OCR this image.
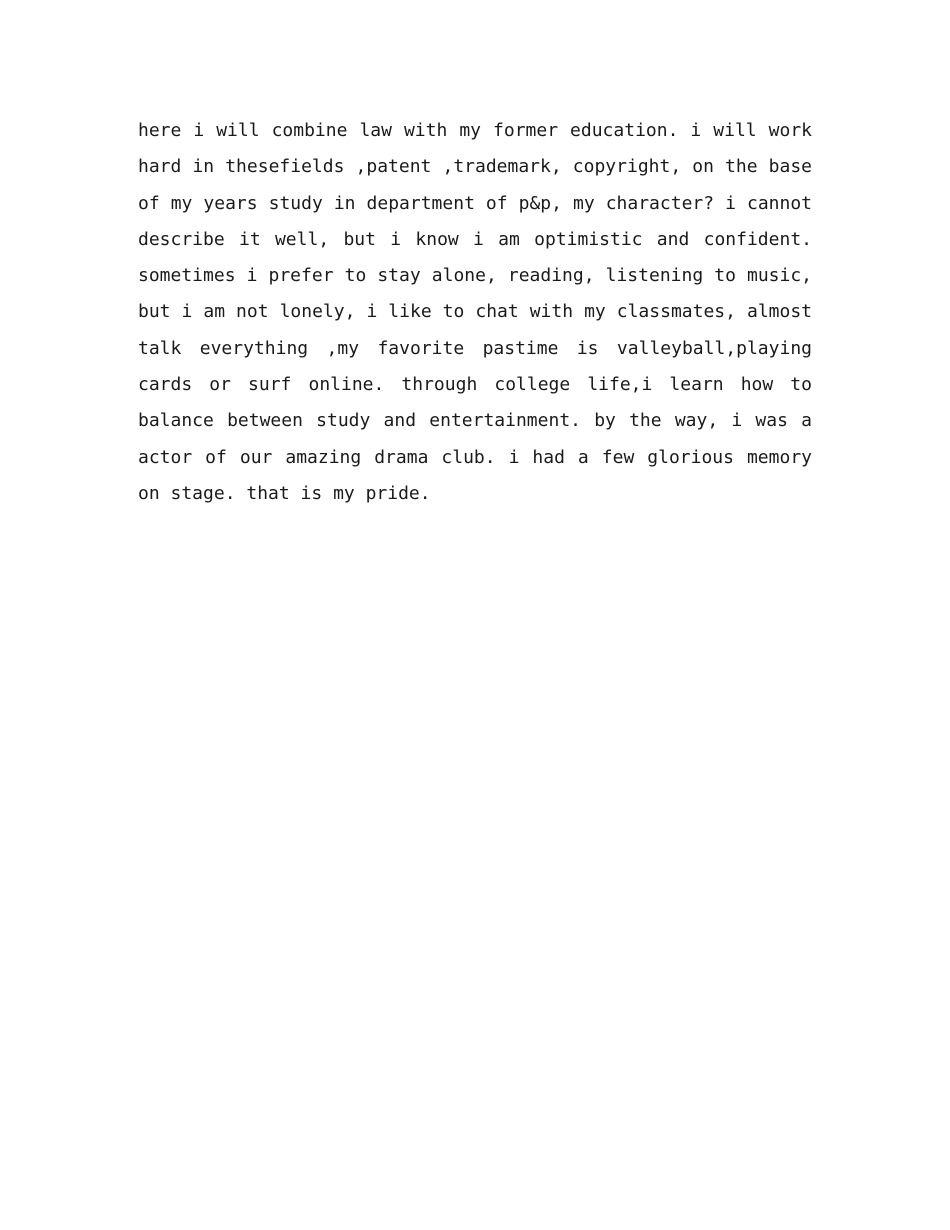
here i will combine law with my former education. i will work
hard in thesefields ,patent ,trademark, copyright, on the base
of my years study in department of p&p, my character? i cannot
describe it well, but i know i am optimistic and confident.
sometimes i prefer to stay alone, reading, listening to music,
but i am not lonely, i like to chat with my classmates, almost
talk everything ,my favorite pastime is valleyball,playing
cards or surf online. through college life,i learn how to
balance between study and entertainment. by the way, i was a
actor of our amazing drama club. i had a few glorious memory
on stage. that is my pride.
